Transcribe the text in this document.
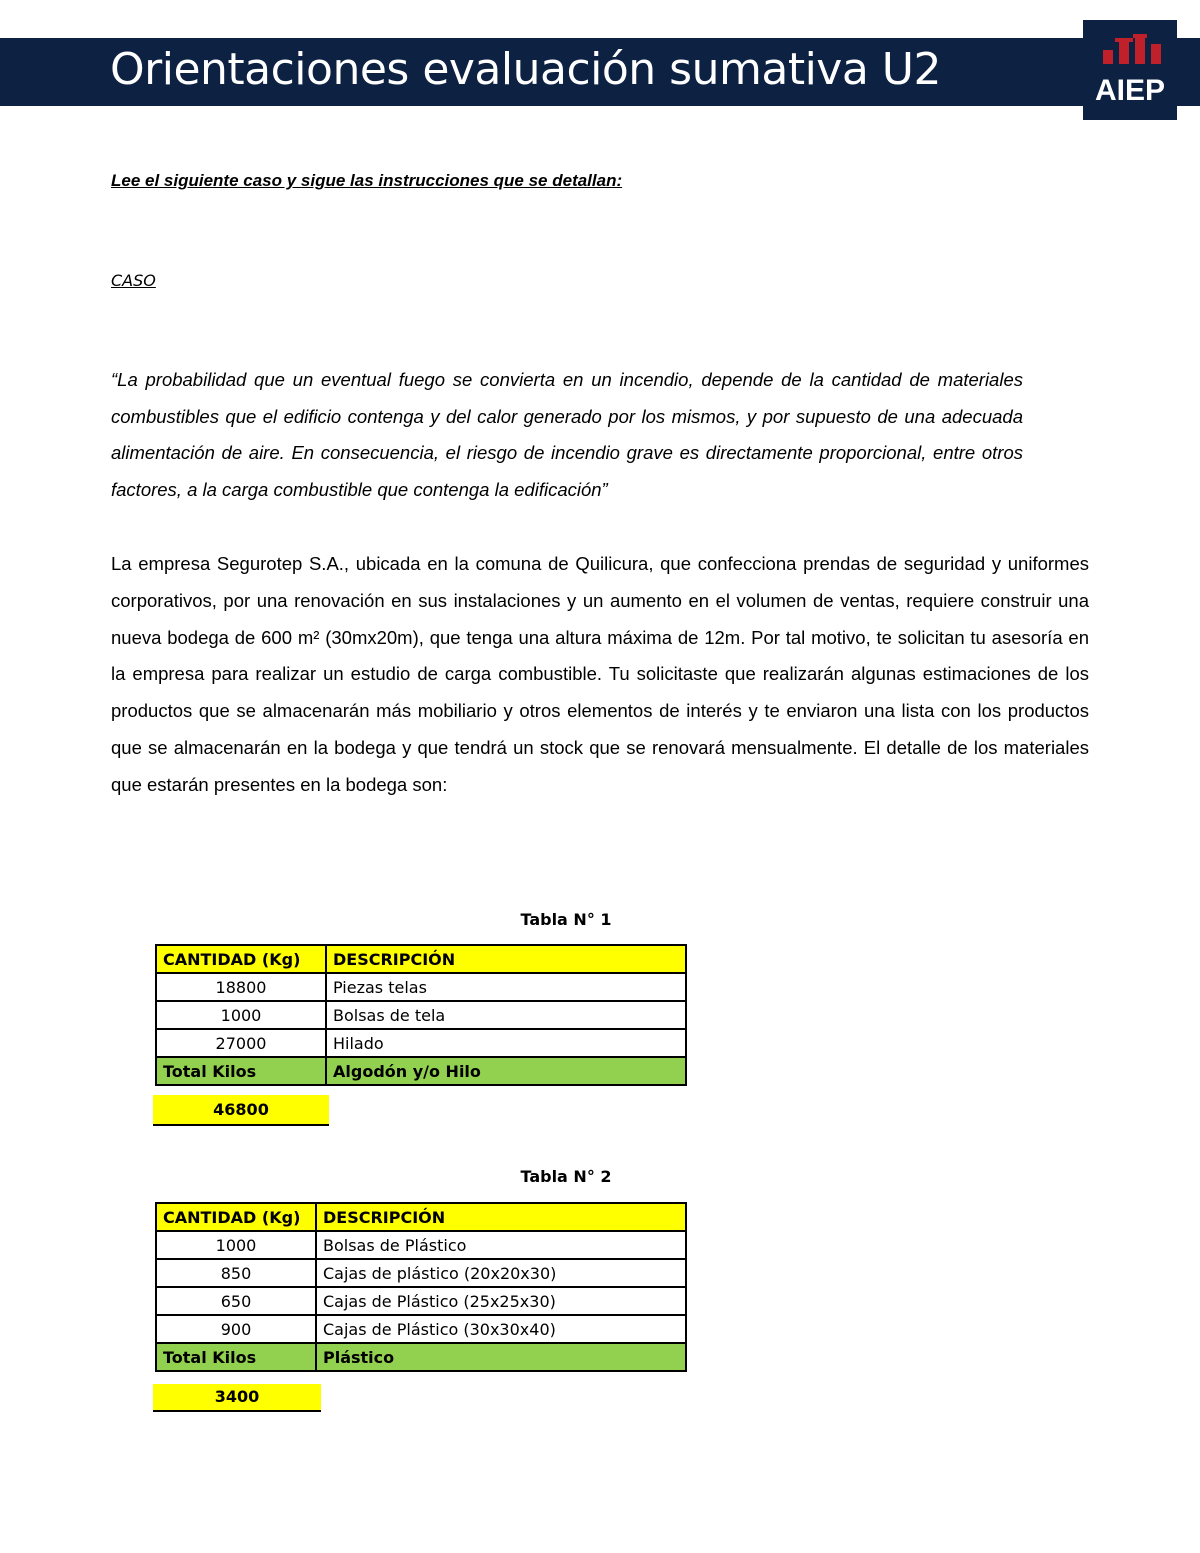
Orientaciones evaluación sumativa U2	AIEP
Lee el siguiente caso y sigue las instrucciones que se detallan:
CASO
“La probabilidad que un eventual fuego se convierta en un incendio, depende de la cantidad de materiales combustibles que el edificio contenga y del calor generado por los mismos, y por supuesto de una adecuada alimentación de aire. En consecuencia, el riesgo de incendio grave es directamente proporcional, entre otros factores, a la carga combustible que contenga la edificación”
La empresa Segurotep S.A., ubicada en la comuna de Quilicura, que confecciona prendas de seguridad y uniformes corporativos, por una renovación en sus instalaciones y un aumento en el volumen de ventas, requiere construir una nueva bodega de 600 m² (30mx20m), que tenga una altura máxima de 12m. Por tal motivo, te solicitan tu asesoría en la empresa para realizar un estudio de carga combustible. Tu solicitaste que realizarán algunas estimaciones de los productos que se almacenarán más mobiliario y otros elementos de interés y te enviaron una lista con los productos que se almacenarán en la bodega y que tendrá un stock que se renovará mensualmente. El detalle de los materiales que estarán presentes en la bodega son:
Tabla N° 1
CANTIDAD (Kg)	DESCRIPCIÓN
18800	Piezas telas
1000	Bolsas de tela
27000	Hilado
Total Kilos	Algodón y/o Hilo
46800
Tabla N° 2
CANTIDAD (Kg)	DESCRIPCIÓN
1000	Bolsas de Plástico
850	Cajas de plástico (20x20x30)
650	Cajas de Plástico (25x25x30)
900	Cajas de Plástico (30x30x40)
Total Kilos	Plástico
3400
